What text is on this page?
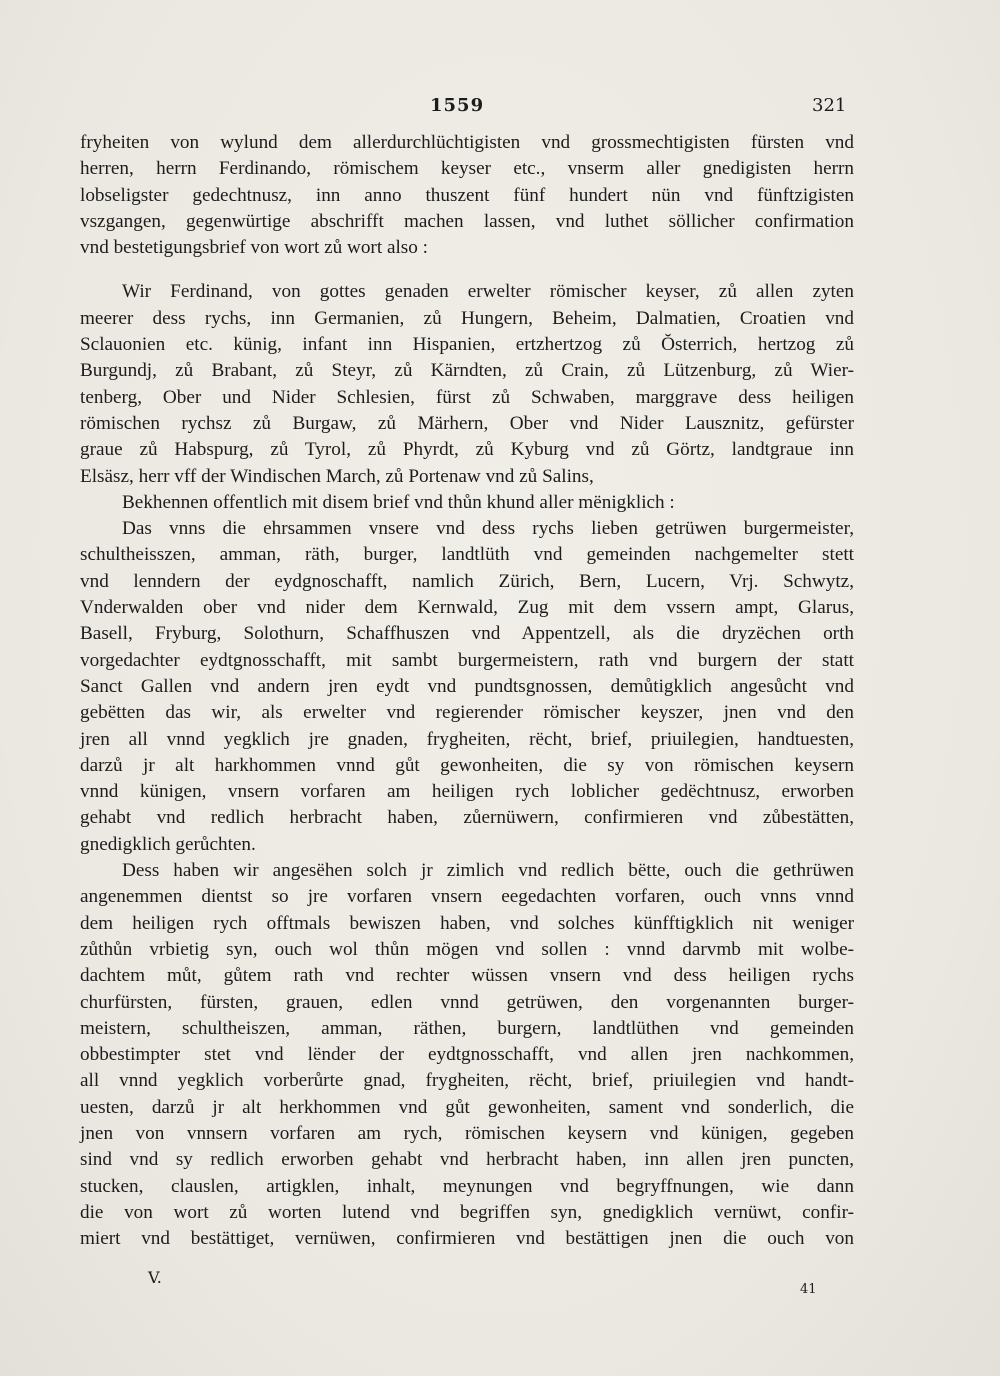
1559	321
fryheiten von wylund dem allerdurchlüchtigisten vnd grossmechtigisten fürsten vnd
herren, herrn Ferdinando, römischem keyser etc., vnserm aller gnedigisten herrn
lobseligster gedechtnusz, inn anno thuszent fünf hundert nün vnd fünftzigisten
vszgangen, gegenwürtige abschrifft machen lassen, vnd luthet söllicher confirmation
vnd bestetigungsbrief von wort zů wort also :
Wir Ferdinand, von gottes genaden erwelter römischer keyser, zů allen zyten
meerer dess rychs, inn Germanien, zů Hungern, Beheim, Dalmatien, Croatien vnd
Sclauonien etc. künig, infant inn Hispanien, ertzhertzog zů Ŏsterrich, hertzog zů
Burgundj, zů Brabant, zů Steyr, zů Kärndten, zů Crain, zů Lützenburg, zů Wier-
tenberg, Ober und Nider Schlesien, fürst zů Schwaben, marggrave dess heiligen
römischen rychsz zů Burgaw, zů Märhern, Ober vnd Nider Lausznitz, gefürster
graue zů Habspurg, zů Tyrol, zů Phyrdt, zů Kyburg vnd zů Görtz, landtgraue inn
Elsäsz, herr vff der Windischen March, zů Portenaw vnd zů Salins,
Bekhennen offentlich mit disem brief vnd thůn khund aller mënigklich :
Das vnns die ehrsammen vnsere vnd dess rychs lieben getrüwen burgermeister,
schultheisszen, amman, räth, burger, landtlüth vnd gemeinden nachgemelter stett
vnd lenndern der eydgnoschafft, namlich Zürich, Bern, Lucern, Vrj. Schwytz,
Vnderwalden ober vnd nider dem Kernwald, Zug mit dem vssern ampt, Glarus,
Basell, Fryburg, Solothurn, Schaffhuszen vnd Appentzell, als die dryzëchen orth
vorgedachter eydtgnosschafft, mit sambt burgermeistern, rath vnd burgern der statt
Sanct Gallen vnd andern jren eydt vnd pundtsgnossen, demůtigklich angesůcht vnd
gebëtten das wir, als erwelter vnd regierender römischer keyszer, jnen vnd den
jren all vnnd yegklich jre gnaden, frygheiten, rëcht, brief, priuilegien, handtuesten,
darzů jr alt harkhommen vnnd gůt gewonheiten, die sy von römischen keysern
vnnd künigen, vnsern vorfaren am heiligen rych loblicher gedëchtnusz, erworben
gehabt vnd redlich herbracht haben, zůernüwern, confirmieren vnd zůbestätten,
gnedigklich gerůchten.
Dess haben wir angesëhen solch jr zimlich vnd redlich bëtte, ouch die gethrüwen
angenemmen dientst so jre vorfaren vnsern eegedachten vorfaren, ouch vnns vnnd
dem heiligen rych offtmals bewiszen haben, vnd solches künfftigklich nit weniger
zůthůn vrbietig syn, ouch wol thůn mögen vnd sollen : vnnd darvmb mit wolbe-
dachtem můt, gůtem rath vnd rechter wüssen vnsern vnd dess heiligen rychs
churfürsten, fürsten, grauen, edlen vnnd getrüwen, den vorgenannten burger-
meistern, schultheiszen, amman, räthen, burgern, landtlüthen vnd gemeinden
obbestimpter stet vnd lënder der eydtgnosschafft, vnd allen jren nachkommen,
all vnnd yegklich vorberůrte gnad, frygheiten, rëcht, brief, priuilegien vnd handt-
uesten, darzů jr alt herkhommen vnd gůt gewonheiten, sament vnd sonderlich, die
jnen von vnnsern vorfaren am rych, römischen keysern vnd künigen, gegeben
sind vnd sy redlich erworben gehabt vnd herbracht haben, inn allen jren puncten,
stucken, clauslen, artigklen, inhalt, meynungen vnd begryffnungen, wie dann
die von wort zů worten lutend vnd begriffen syn, gnedigklich vernüwt, confir-
miert vnd bestättiget, vernüwen, confirmieren vnd bestättigen jnen die ouch von
V.
41
